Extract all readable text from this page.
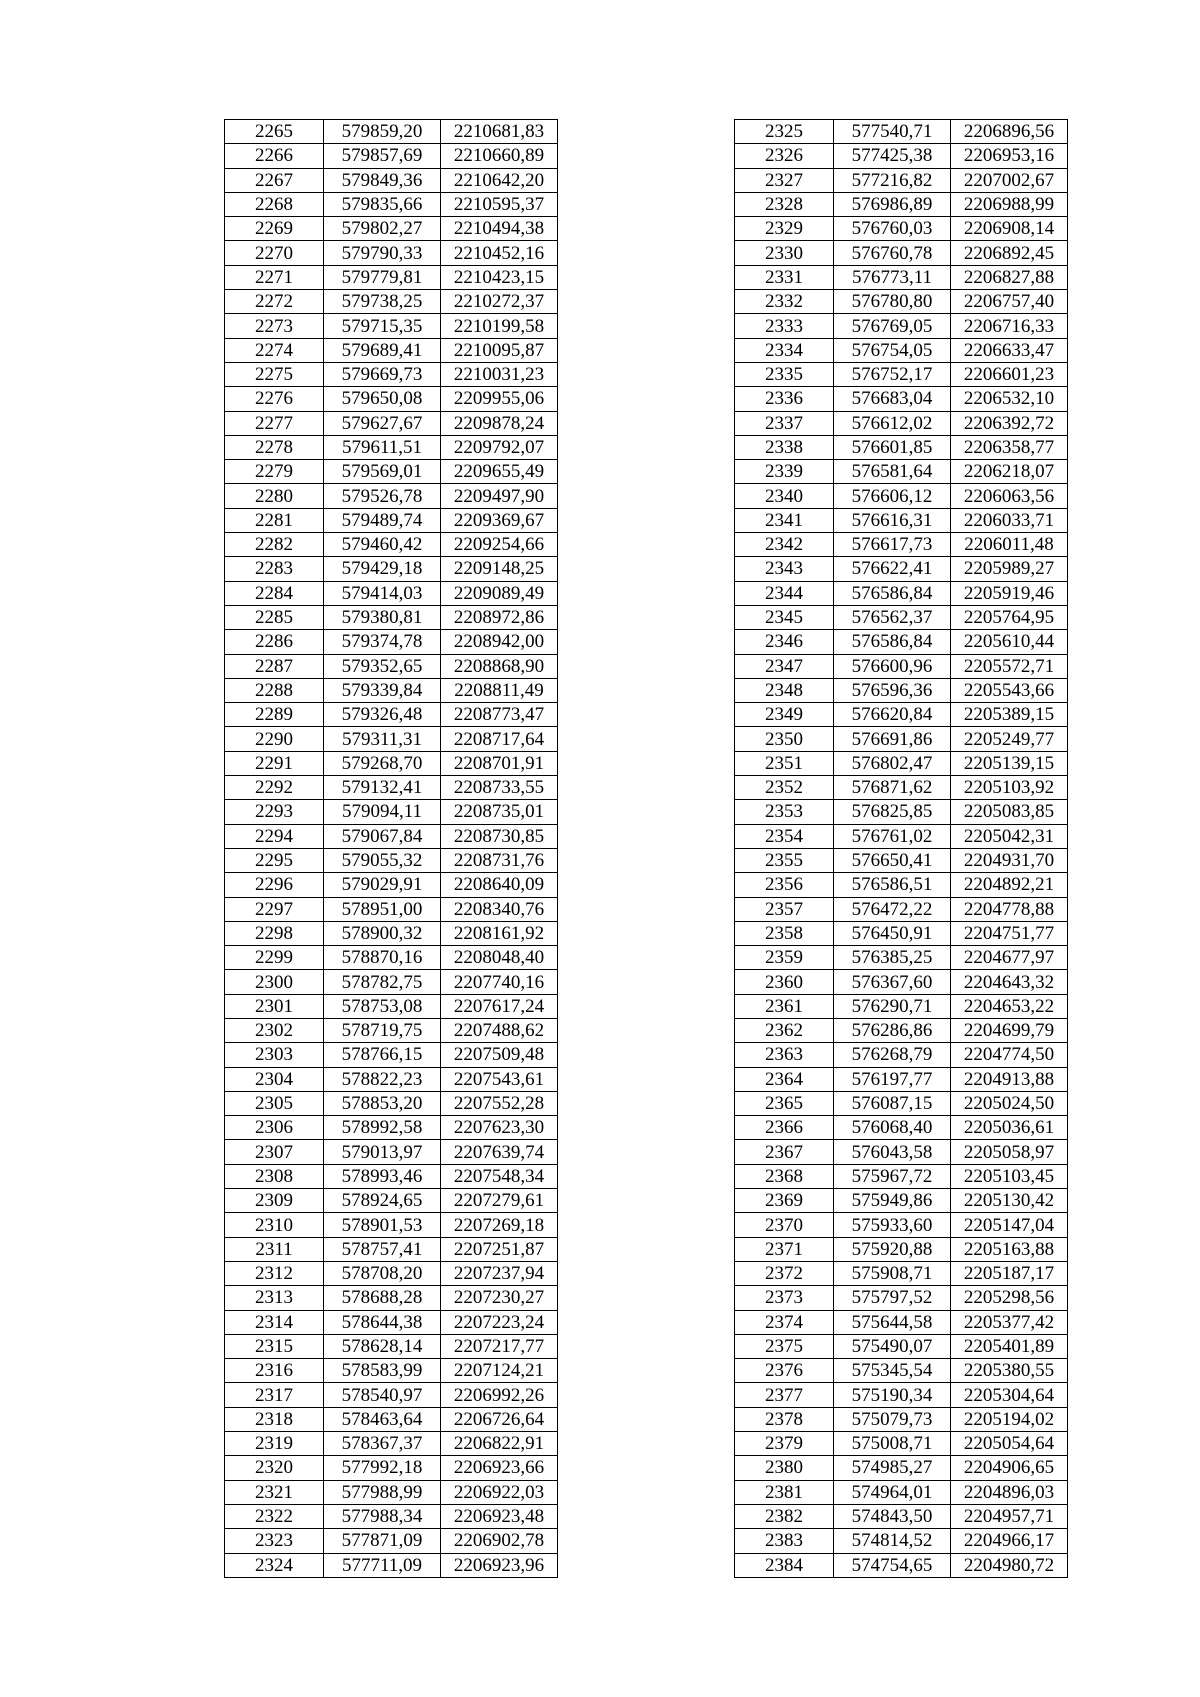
2265	579859,20	2210681,83
2266	579857,69	2210660,89
2267	579849,36	2210642,20
2268	579835,66	2210595,37
2269	579802,27	2210494,38
2270	579790,33	2210452,16
2271	579779,81	2210423,15
2272	579738,25	2210272,37
2273	579715,35	2210199,58
2274	579689,41	2210095,87
2275	579669,73	2210031,23
2276	579650,08	2209955,06
2277	579627,67	2209878,24
2278	579611,51	2209792,07
2279	579569,01	2209655,49
2280	579526,78	2209497,90
2281	579489,74	2209369,67
2282	579460,42	2209254,66
2283	579429,18	2209148,25
2284	579414,03	2209089,49
2285	579380,81	2208972,86
2286	579374,78	2208942,00
2287	579352,65	2208868,90
2288	579339,84	2208811,49
2289	579326,48	2208773,47
2290	579311,31	2208717,64
2291	579268,70	2208701,91
2292	579132,41	2208733,55
2293	579094,11	2208735,01
2294	579067,84	2208730,85
2295	579055,32	2208731,76
2296	579029,91	2208640,09
2297	578951,00	2208340,76
2298	578900,32	2208161,92
2299	578870,16	2208048,40
2300	578782,75	2207740,16
2301	578753,08	2207617,24
2302	578719,75	2207488,62
2303	578766,15	2207509,48
2304	578822,23	2207543,61
2305	578853,20	2207552,28
2306	578992,58	2207623,30
2307	579013,97	2207639,74
2308	578993,46	2207548,34
2309	578924,65	2207279,61
2310	578901,53	2207269,18
2311	578757,41	2207251,87
2312	578708,20	2207237,94
2313	578688,28	2207230,27
2314	578644,38	2207223,24
2315	578628,14	2207217,77
2316	578583,99	2207124,21
2317	578540,97	2206992,26
2318	578463,64	2206726,64
2319	578367,37	2206822,91
2320	577992,18	2206923,66
2321	577988,99	2206922,03
2322	577988,34	2206923,48
2323	577871,09	2206902,78
2324	577711,09	2206923,96
2325	577540,71	2206896,56
2326	577425,38	2206953,16
2327	577216,82	2207002,67
2328	576986,89	2206988,99
2329	576760,03	2206908,14
2330	576760,78	2206892,45
2331	576773,11	2206827,88
2332	576780,80	2206757,40
2333	576769,05	2206716,33
2334	576754,05	2206633,47
2335	576752,17	2206601,23
2336	576683,04	2206532,10
2337	576612,02	2206392,72
2338	576601,85	2206358,77
2339	576581,64	2206218,07
2340	576606,12	2206063,56
2341	576616,31	2206033,71
2342	576617,73	2206011,48
2343	576622,41	2205989,27
2344	576586,84	2205919,46
2345	576562,37	2205764,95
2346	576586,84	2205610,44
2347	576600,96	2205572,71
2348	576596,36	2205543,66
2349	576620,84	2205389,15
2350	576691,86	2205249,77
2351	576802,47	2205139,15
2352	576871,62	2205103,92
2353	576825,85	2205083,85
2354	576761,02	2205042,31
2355	576650,41	2204931,70
2356	576586,51	2204892,21
2357	576472,22	2204778,88
2358	576450,91	2204751,77
2359	576385,25	2204677,97
2360	576367,60	2204643,32
2361	576290,71	2204653,22
2362	576286,86	2204699,79
2363	576268,79	2204774,50
2364	576197,77	2204913,88
2365	576087,15	2205024,50
2366	576068,40	2205036,61
2367	576043,58	2205058,97
2368	575967,72	2205103,45
2369	575949,86	2205130,42
2370	575933,60	2205147,04
2371	575920,88	2205163,88
2372	575908,71	2205187,17
2373	575797,52	2205298,56
2374	575644,58	2205377,42
2375	575490,07	2205401,89
2376	575345,54	2205380,55
2377	575190,34	2205304,64
2378	575079,73	2205194,02
2379	575008,71	2205054,64
2380	574985,27	2204906,65
2381	574964,01	2204896,03
2382	574843,50	2204957,71
2383	574814,52	2204966,17
2384	574754,65	2204980,72
